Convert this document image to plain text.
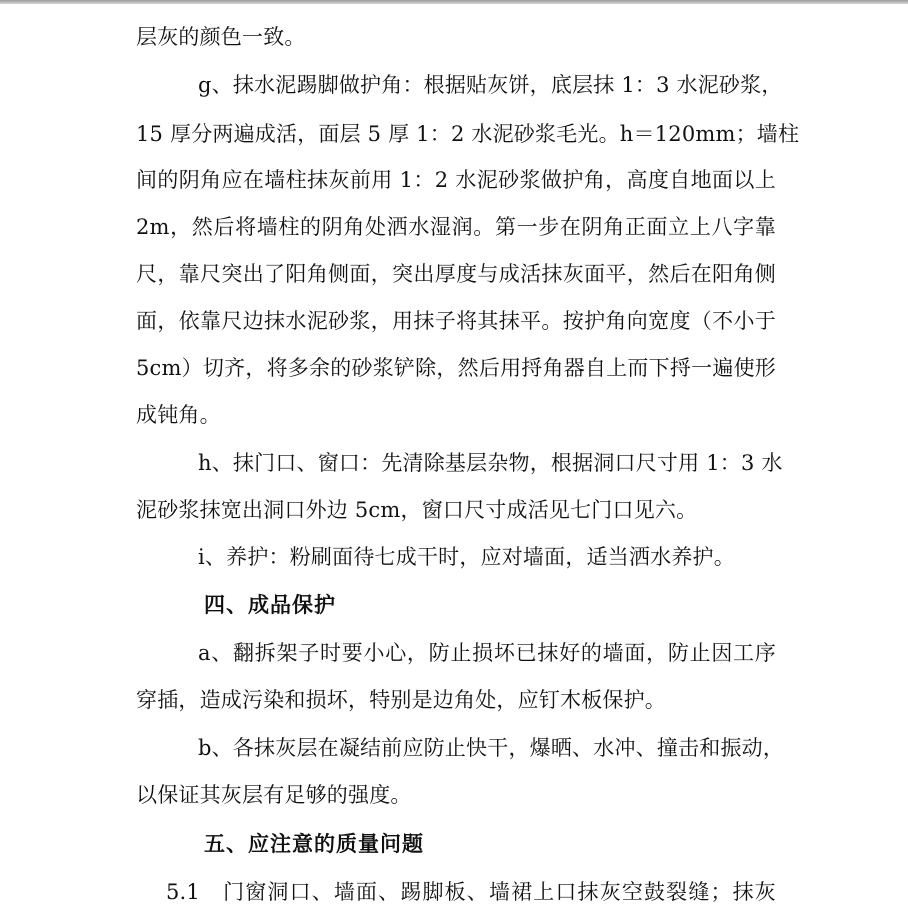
层灰的颜色一致。
g、抹水泥踢脚做护角：根据贴灰饼，底层抹 1：3 水泥砂浆，
15 厚分两遍成活，面层 5 厚 1：2 水泥砂浆毛光。h＝120mm；墙柱
间的阴角应在墙柱抹灰前用 1：2 水泥砂浆做护角，高度自地面以上
2m，然后将墙柱的阴角处洒水湿润。第一步在阴角正面立上八字靠
尺，靠尺突出了阳角侧面，突出厚度与成活抹灰面平，然后在阳角侧
面，依靠尺边抹水泥砂浆，用抹子将其抹平。按护角向宽度（不小于
5cm）切齐，将多余的砂浆铲除，然后用捋角器自上而下捋一遍使形
成钝角。
h、抹门口、窗口：先清除基层杂物，根据洞口尺寸用 1：3 水
泥砂浆抹宽出洞口外边 5cm，窗口尺寸成活见七门口见六。
i、养护：粉刷面待七成干时，应对墙面，适当洒水养护。
四、成品保护
a、翻拆架子时要小心，防止损坏已抹好的墙面，防止因工序
穿插，造成污染和损坏，特别是边角处，应钉木板保护。
b、各抹灰层在凝结前应防止快干，爆晒、水冲、撞击和振动，
以保证其灰层有足够的强度。
五、应注意的质量问题
5.1　门窗洞口、墙面、踢脚板、墙裙上口抹灰空鼓裂缝；抹灰
